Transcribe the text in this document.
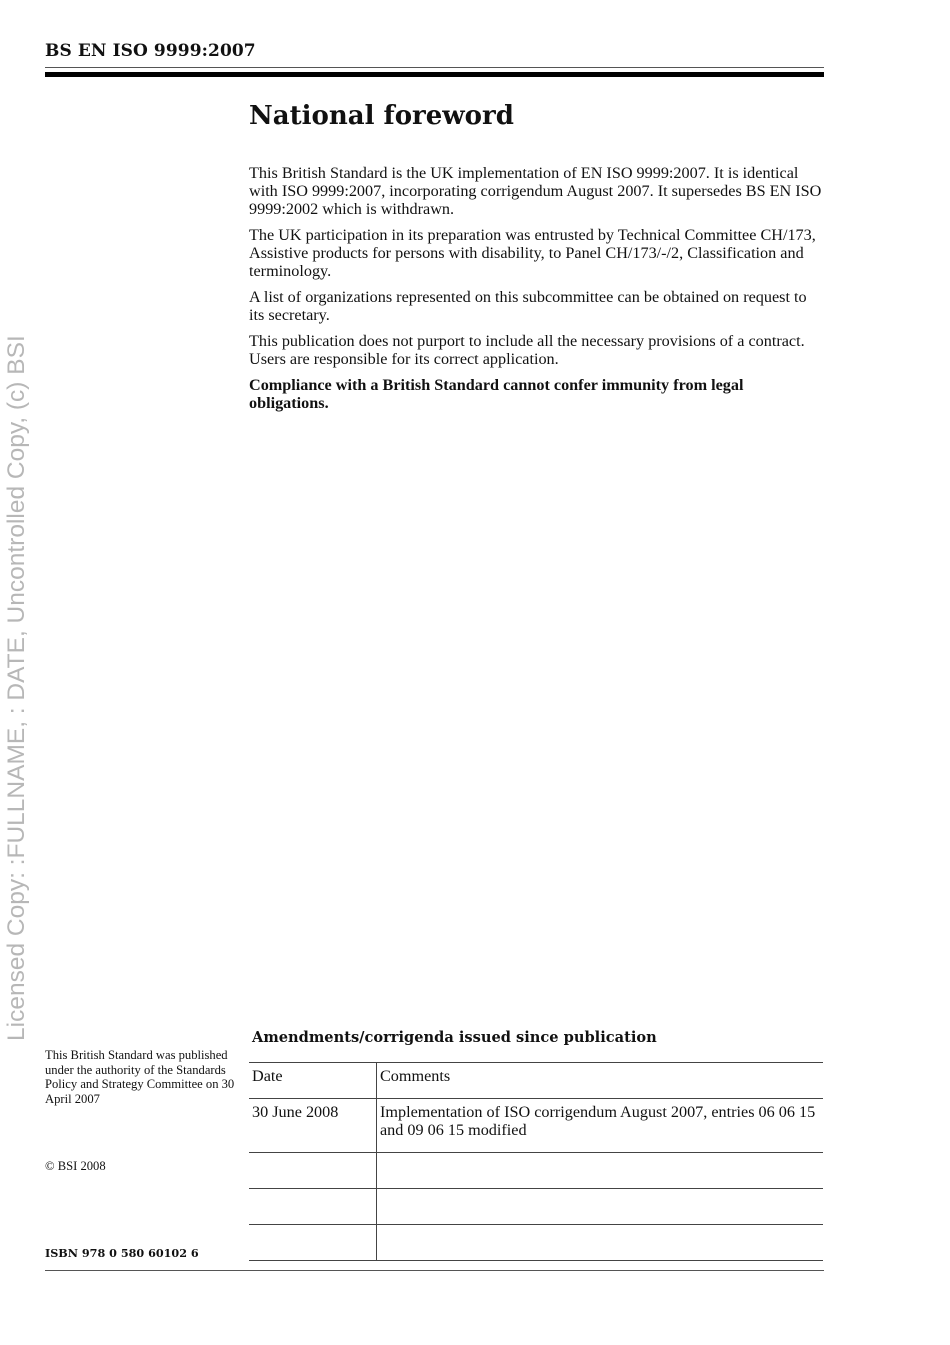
BS EN ISO 9999:2007
Licensed Copy: :FULLNAME, : DATE, Uncontrolled Copy, (c) BSI
National foreword

This British Standard is the UK implementation of EN ISO 9999:2007. It is identical with ISO 9999:2007, incorporating corrigendum August 2007. It supersedes BS EN ISO 9999:2002 which is withdrawn.

The UK participation in its preparation was entrusted by Technical Committee CH/173, Assistive products for persons with disability, to Panel CH/173/-/2, Classification and terminology.

A list of organizations represented on this subcommittee can be obtained on request to its secretary.

This publication does not purport to include all the necessary provisions of a contract. Users are responsible for its correct application.

Compliance with a British Standard cannot confer immunity from legal obligations.

This British Standard was published under the authority of the Standards Policy and Strategy Committee on 30 April 2007
© BSI 2008
ISBN 978 0 580 60102 6
Amendments/corrigenda issued since publication
Date	Comments
30 June 2008	Implementation of ISO corrigendum August 2007, entries 06 06 15 and 09 06 15 modified
